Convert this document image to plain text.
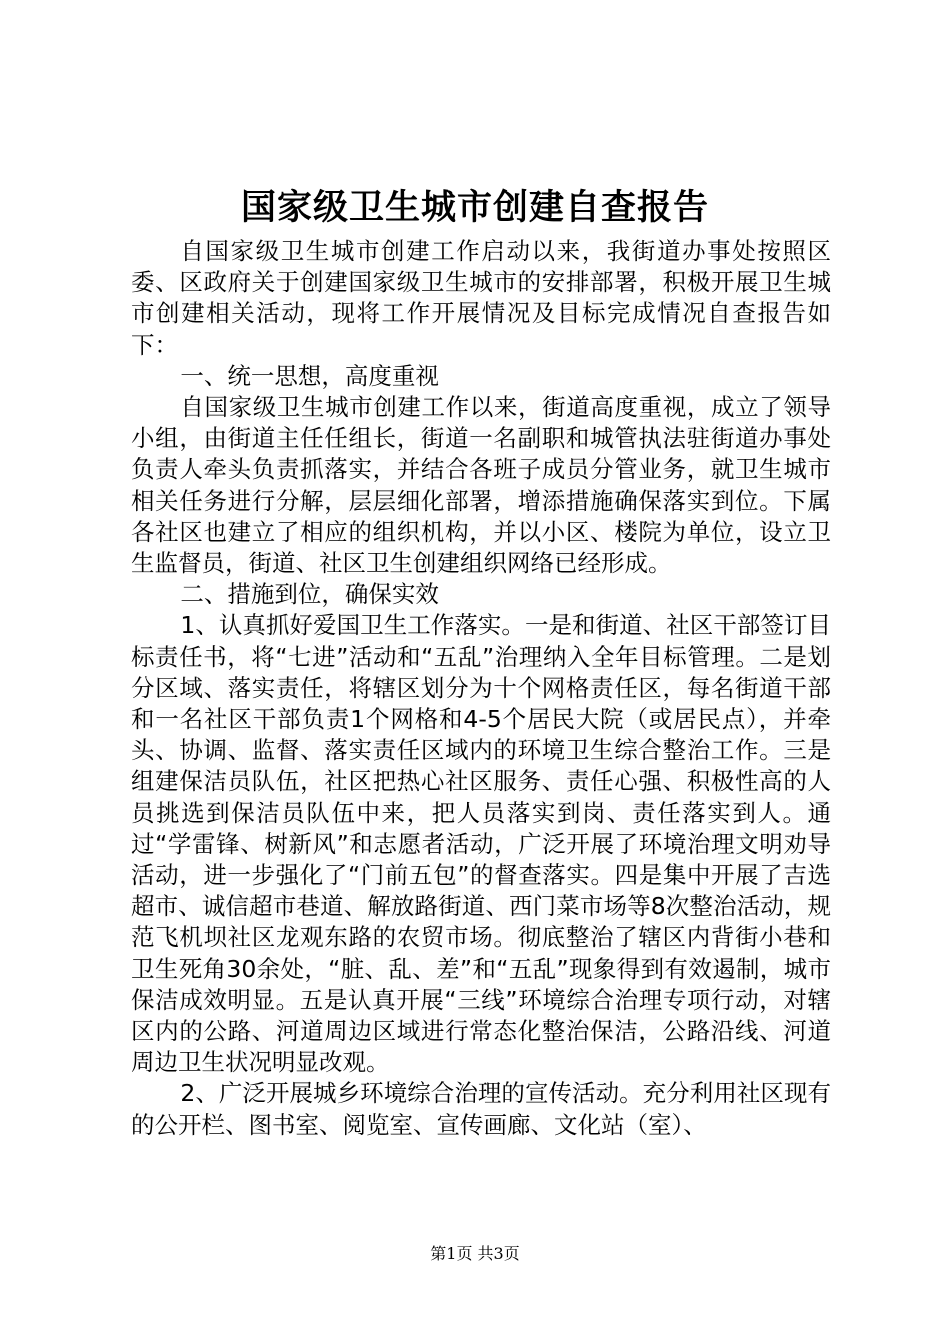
国家级卫生城市创建自查报告

自国家级卫生城市创建工作启动以来，我街道办事处按照区委、区政府关于创建国家级卫生城市的安排部署，积极开展卫生城市创建相关活动，现将工作开展情况及目标完成情况自查报告如下：

一、统一思想，高度重视

自国家级卫生城市创建工作以来，街道高度重视，成立了领导小组，由街道主任任组长，街道一名副职和城管执法驻街道办事处负责人牵头负责抓落实，并结合各班子成员分管业务，就卫生城市相关任务进行分解，层层细化部署，增添措施确保落实到位。下属各社区也建立了相应的组织机构，并以小区、楼院为单位，设立卫生监督员，街道、社区卫生创建组织网络已经形成。

二、措施到位，确保实效

1、认真抓好爱国卫生工作落实。一是和街道、社区干部签订目标责任书，将“七进”活动和“五乱”治理纳入全年目标管理。二是划分区域、落实责任，将辖区划分为十个网格责任区，每名街道干部和一名社区干部负责1个网格和4-5个居民大院（或居民点），并牵头、协调、监督、落实责任区域内的环境卫生综合整治工作。三是组建保洁员队伍，社区把热心社区服务、责任心强、积极性高的人员挑选到保洁员队伍中来，把人员落实到岗、责任落实到人。通过“学雷锋、树新风”和志愿者活动，广泛开展了环境治理文明劝导活动，进一步强化了“门前五包”的督查落实。四是集中开展了吉选超市、诚信超市巷道、解放路街道、西门菜市场等8次整治活动，规范飞机坝社区龙观东路的农贸市场。彻底整治了辖区内背街小巷和卫生死角30余处，“脏、乱、差”和“五乱”现象得到有效遏制，城市保洁成效明显。五是认真开展“三线”环境综合治理专项行动，对辖区内的公路、河道周边区域进行常态化整治保洁，公路沿线、河道周边卫生状况明显改观。

2、广泛开展城乡环境综合治理的宣传活动。充分利用社区现有的公开栏、图书室、阅览室、宣传画廊、文化站（室）、

第1页 共3页
